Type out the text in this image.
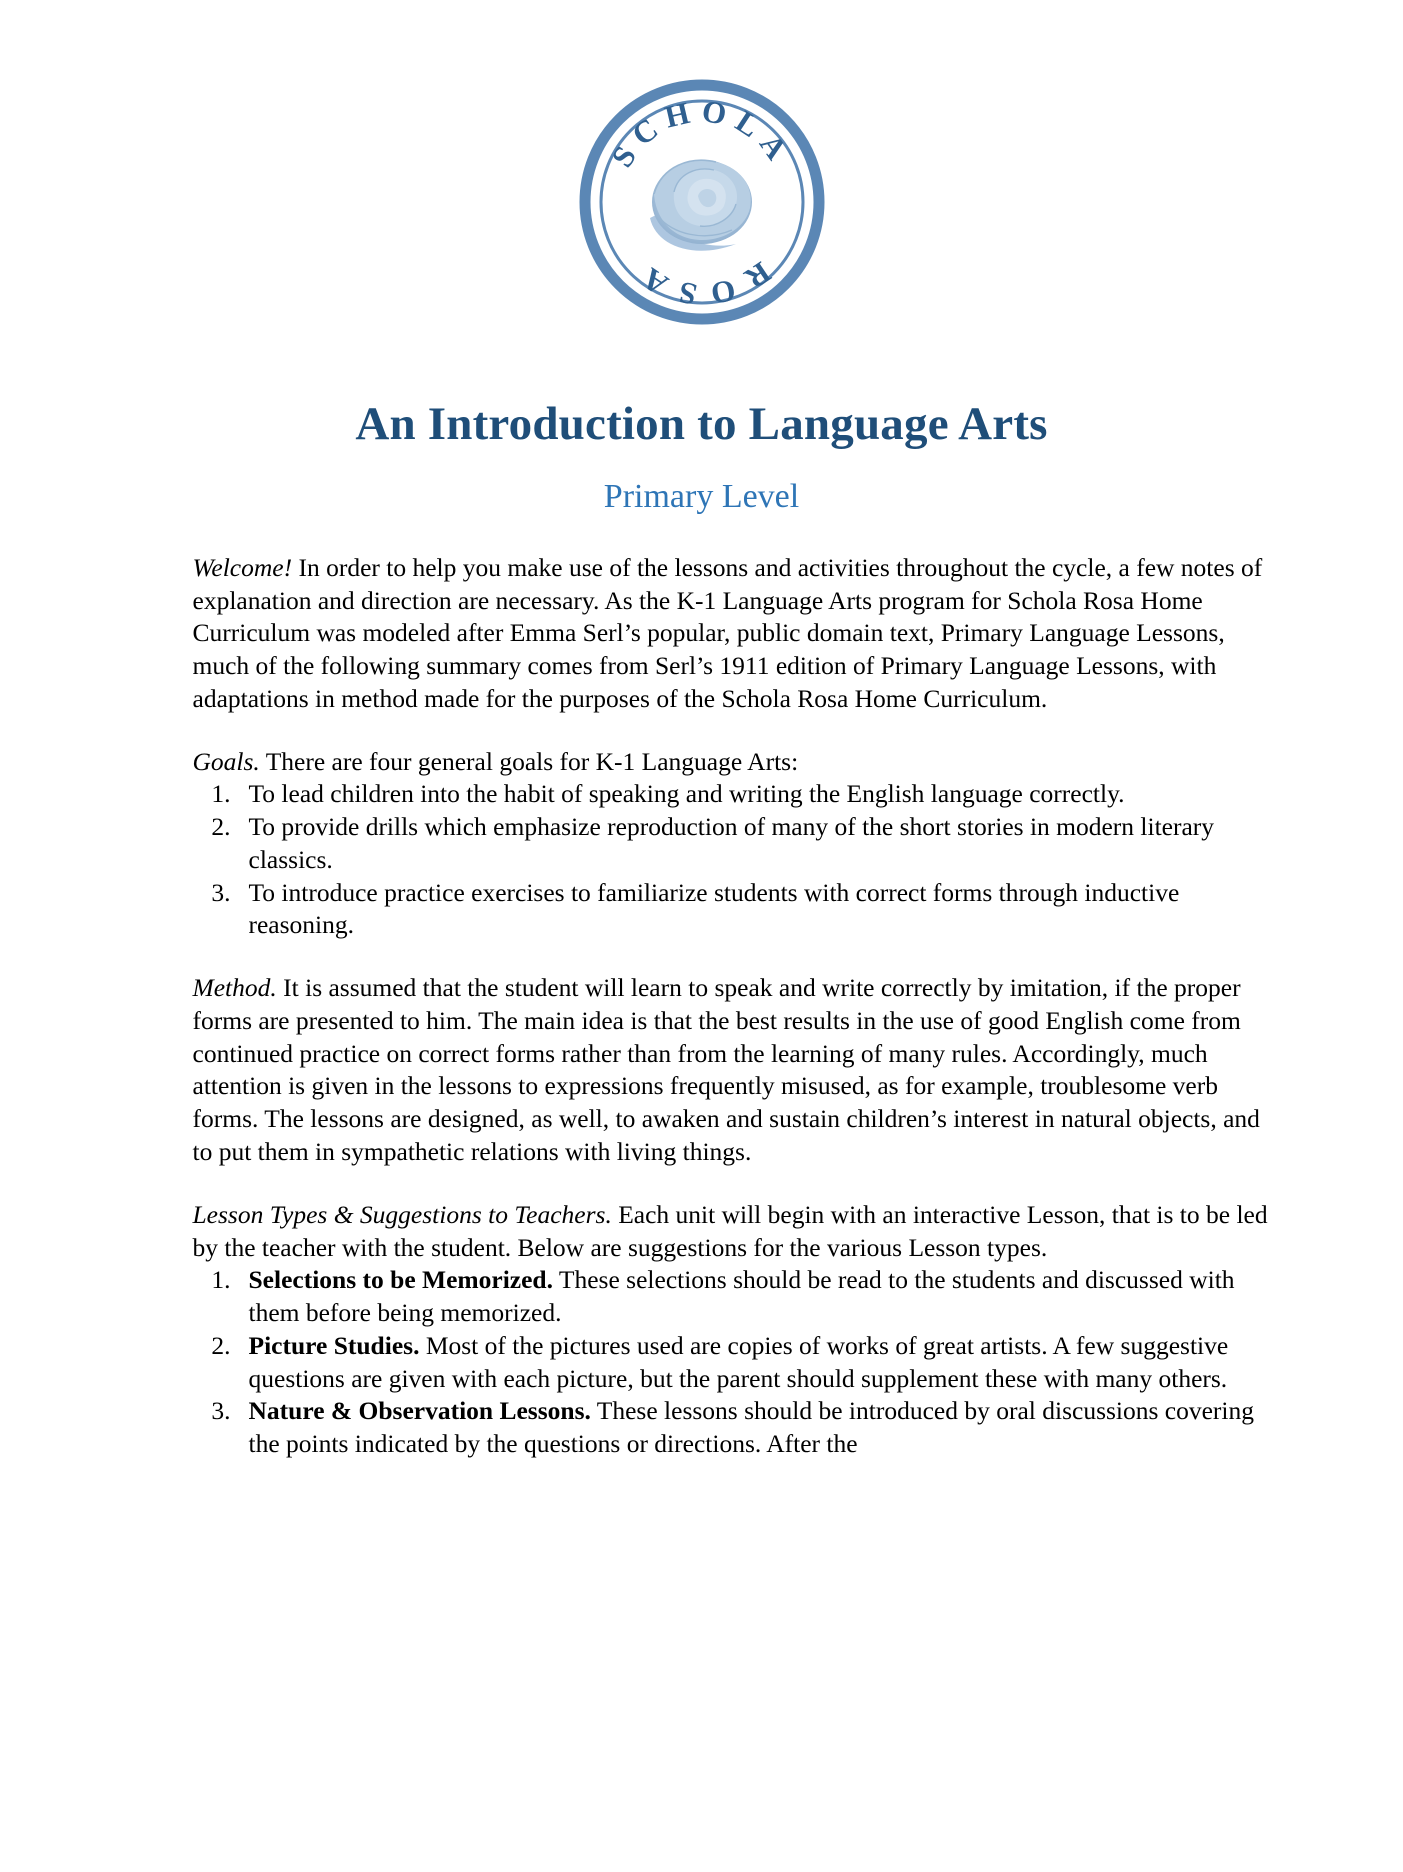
SCHOLA
ROSA
An Introduction to Language Arts
Primary Level

Welcome! In order to help you make use of the lessons and activities throughout the cycle, a few notes of explanation and direction are necessary. As the K-1 Language Arts program for Schola Rosa Home Curriculum was modeled after Emma Serl’s popular, public domain text, Primary Language Lessons, much of the following summary comes from Serl’s 1911 edition of Primary Language Lessons, with adaptations in method made for the purposes of the Schola Rosa Home Curriculum.

Goals. There are four general goals for K-1 Language Arts:

1. To lead children into the habit of speaking and writing the English language correctly.
2. To provide drills which emphasize reproduction of many of the short stories in modern literary classics.
3. To introduce practice exercises to familiarize students with correct forms through inductive reasoning.

Method. It is assumed that the student will learn to speak and write correctly by imitation, if the proper forms are presented to him. The main idea is that the best results in the use of good English come from continued practice on correct forms rather than from the learning of many rules. Accordingly, much attention is given in the lessons to expressions frequently misused, as for example, troublesome verb forms. The lessons are designed, as well, to awaken and sustain children’s interest in natural objects, and to put them in sympathetic relations with living things.

Lesson Types & Suggestions to Teachers. Each unit will begin with an interactive Lesson, that is to be led by the teacher with the student. Below are suggestions for the various Lesson types.

1. Selections to be Memorized. These selections should be read to the students and discussed with them before being memorized.
2. Picture Studies. Most of the pictures used are copies of works of great artists. A few suggestive questions are given with each picture, but the parent should supplement these with many others.
3. Nature & Observation Lessons. These lessons should be introduced by oral discussions covering the points indicated by the questions or directions. After the
